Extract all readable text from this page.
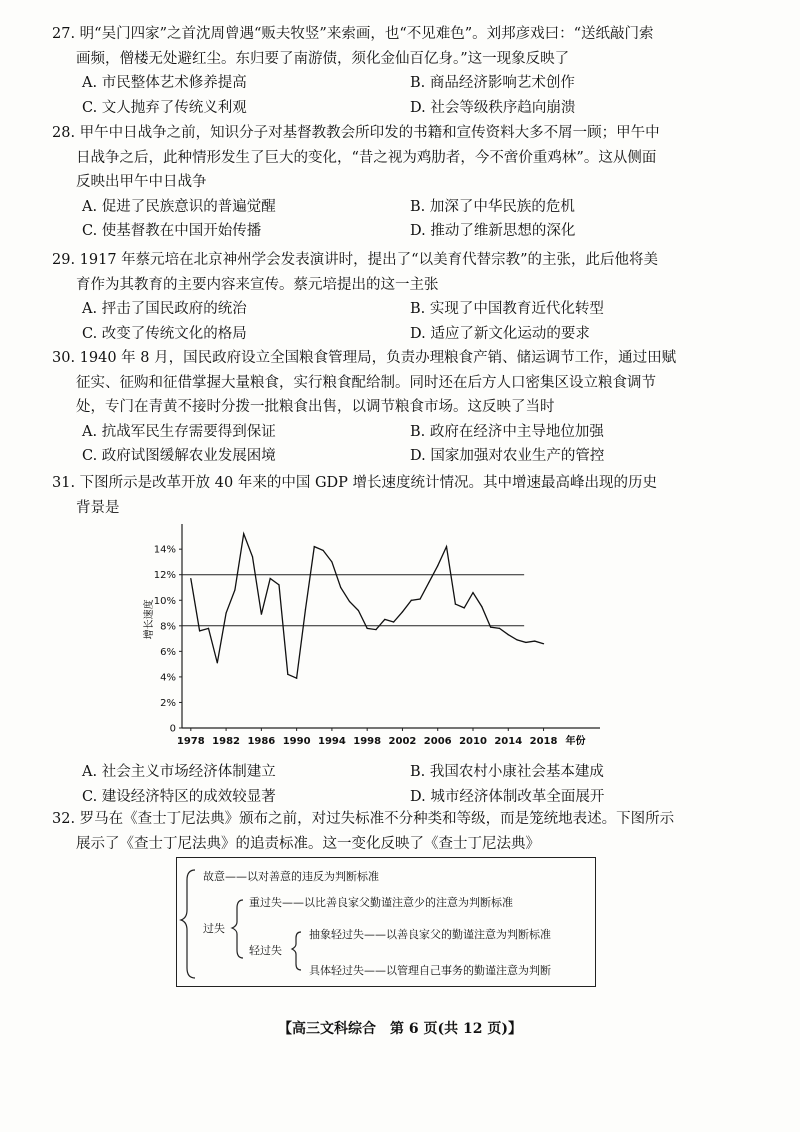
27. 明“吴门四家”之首沈周曾遇“贩夫牧竖”来索画，也“不见难色”。刘邦彦戏曰：“送纸敲门索
画频，僧楼无处避红尘。东归要了南游债，须化金仙百亿身。”这一现象反映了
A. 市民整体艺术修养提高	B. 商品经济影响艺术创作
C. 文人抛弃了传统义利观	D. 社会等级秩序趋向崩溃
28. 甲午中日战争之前，知识分子对基督教教会所印发的书籍和宣传资料大多不屑一顾；甲午中
日战争之后，此种情形发生了巨大的变化，“昔之视为鸡肋者，今不啻价重鸡林”。这从侧面
反映出甲午中日战争
A. 促进了民族意识的普遍觉醒	B. 加深了中华民族的危机
C. 使基督教在中国开始传播	D. 推动了维新思想的深化
29. 1917 年蔡元培在北京神州学会发表演讲时，提出了“以美育代替宗教”的主张，此后他将美
育作为其教育的主要内容来宣传。蔡元培提出的这一主张
A. 抨击了国民政府的统治	B. 实现了中国教育近代化转型
C. 改变了传统文化的格局	D. 适应了新文化运动的要求
30. 1940 年 8 月，国民政府设立全国粮食管理局，负责办理粮食产销、储运调节工作，通过田赋
征实、征购和征借掌握大量粮食，实行粮食配给制。同时还在后方人口密集区设立粮食调节
处，专门在青黄不接时分拨一批粮食出售，以调节粮食市场。这反映了当时
A. 抗战军民生存需要得到保证	B. 政府在经济中主导地位加强
C. 政府试图缓解农业发展困境	D. 国家加强对农业生产的管控
31. 下图所示是改革开放 40 年来的中国 GDP 增长速度统计情况。其中增速最高峰出现的历史
背景是
0
2%
4%
6%
8%
10%
12%
14%
1978 1982 1986 1990 1994 1998 2002 2006 2010 2014 2018 年份
增长速度
A. 社会主义市场经济体制建立	B. 我国农村小康社会基本建成
C. 建设经济特区的成效较显著	D. 城市经济体制改革全面展开
32. 罗马在《查士丁尼法典》颁布之前，对过失标准不分种类和等级，而是笼统地表述。下图所示
展示了《查士丁尼法典》的追责标准。这一变化反映了《查士丁尼法典》
故意——以对善意的违反为判断标准
过失
重过失——以比善良家父勤谨注意少的注意为判断标准
轻过失
抽象轻过失——以善良家父的勤谨注意为判断标准
具体轻过失——以管理自己事务的勤谨注意为判断
【高三文科综合　第 6 页(共 12 页)】
